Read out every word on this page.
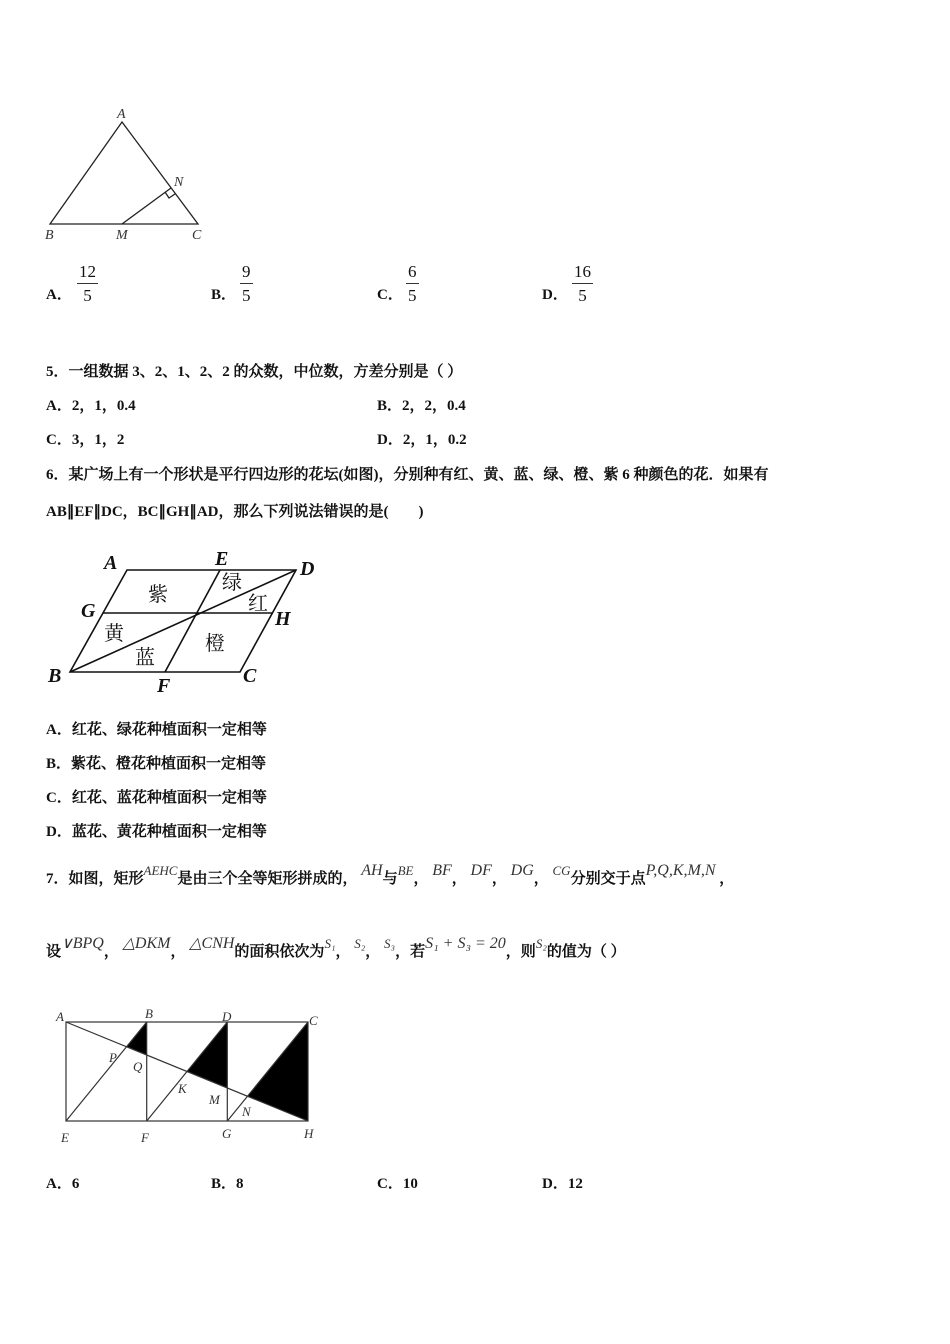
A
B	C
M
N
A	E	D
G	H
B	F	C
紫
绿
红
黄
蓝
橙
A	B	D	C
E	F	G	H
P
Q
K
M
N
A． $\frac{12}{5}$	B． $\frac{9}{5}$	C． $\frac{6}{5}$	D． $\frac{16}{5}$
5．一组数据 3、2、1、2、2 的众数，中位数，方差分别是（ ）
A．2，1，0.4	B．2，2，0.4
C．3，1，2	D．2，1，0.2
6．某广场上有一个形状是平行四边形的花坛(如图)，分别种有红、黄、蓝、绿、橙、紫 6 种颜色的花．如果有
AB∥EF∥DC，BC∥GH∥AD，那么下列说法错误的是(　　)
A．红花、绿花种植面积一定相等
B．紫花、橙花种植面积一定相等
C．红花、蓝花种植面积一定相等
D．蓝花、黄花种植面积一定相等
7．如图，矩形AEHC是由三个全等矩形拼成的， AH与BE， BF， DF， DG， CG分别交于点P,Q,K,M,N ，
设∨BPQ， △DKM， △CNH的面积依次为S₁， S₂， S₃，若S₁ + S₃ = 20，则S₂的值为（ ）
A．6	B．8	C．10	D．12
